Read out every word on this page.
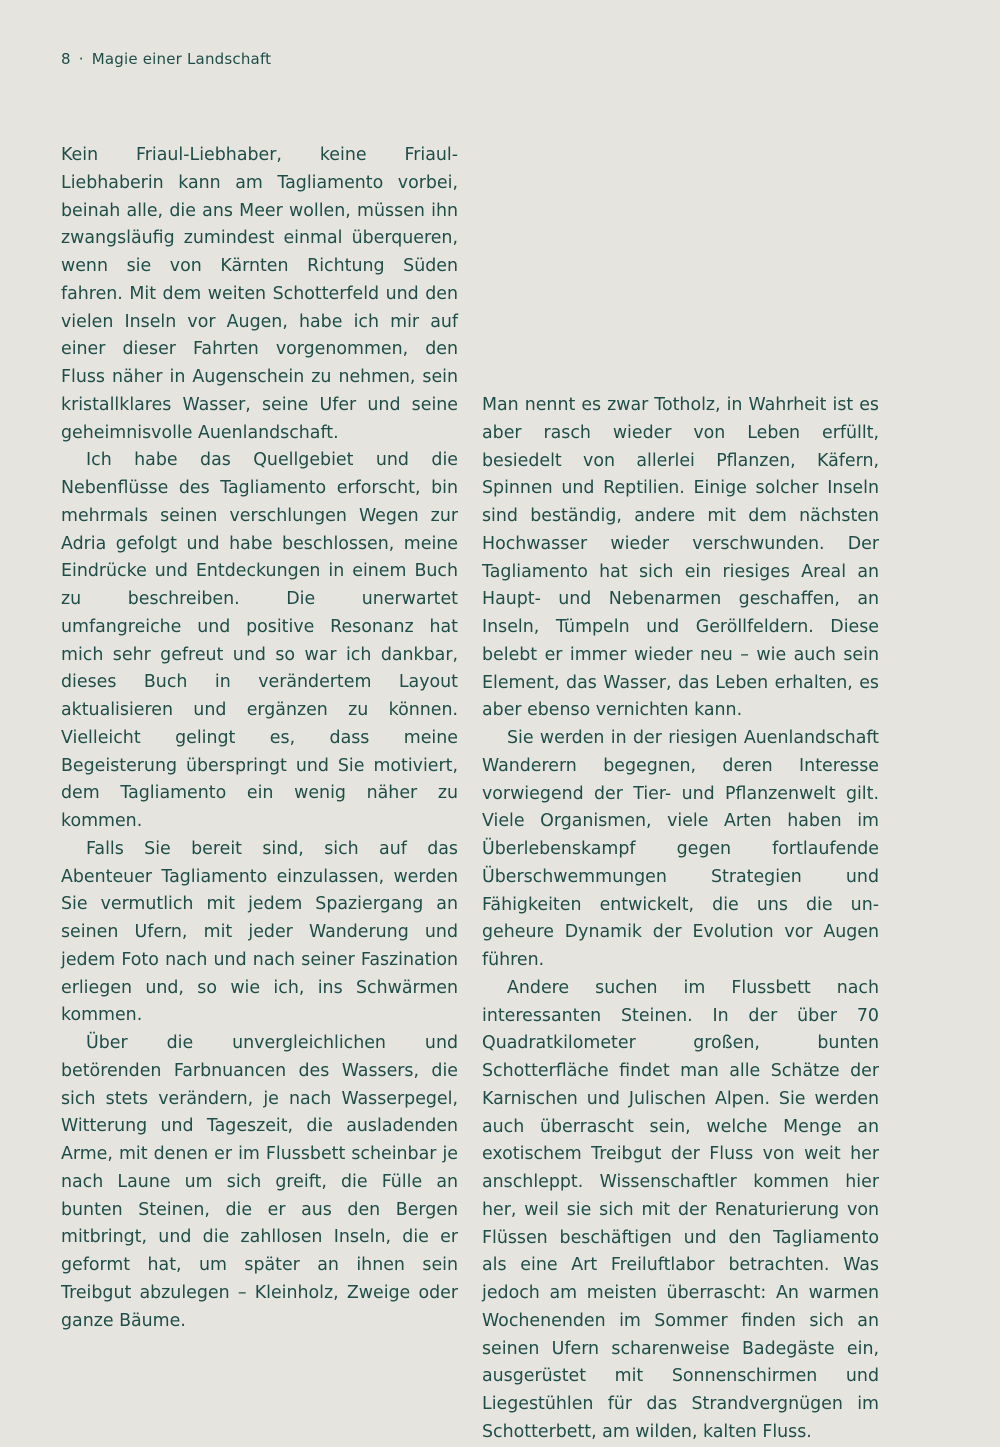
8 · Magie einer Landschaft

Kein Friaul-Liebhaber, keine Friaul-Liebhaberin kann am Tagliamento vorbei, beinah alle, die ans Meer wollen, müssen ihn zwangsläufig zumindest einmal überqueren, wenn sie von Kärnten Richtung Süden fahren. Mit dem weiten Schotterfeld und den vielen Inseln vor Augen, habe ich mir auf einer dieser Fahrten vorgenommen, den Fluss näher in Augenschein zu nehmen, sein kristallklares Wasser, seine Ufer und seine geheimnisvolle Auenlandschaft.

Ich habe das Quellgebiet und die Nebenflüsse des Tagliamento erforscht, bin mehrmals seinen verschlungen Wegen zur Adria gefolgt und habe beschlossen, meine Eindrücke und Entdeckungen in einem Buch zu beschreiben. Die unerwartet umfangreiche und positive Resonanz hat mich sehr gefreut und so war ich dankbar, dieses Buch in verändertem Layout aktualisieren und ergänzen zu können. Vielleicht gelingt es, dass meine Begeisterung überspringt und Sie motiviert, dem Tagliamento ein wenig näher zu kommen.

Falls Sie bereit sind, sich auf das Abenteuer Tagliamento einzulassen, werden Sie vermutlich mit jedem Spaziergang an seinen Ufern, mit jeder Wanderung und jedem Foto nach und nach seiner Faszination erliegen und, so wie ich, ins Schwärmen kommen.

Über die unvergleichlichen und betörenden Farbnuancen des Wassers, die sich stets verändern, je nach Wasserpegel, Witterung und Tageszeit, die ausladenden Arme, mit denen er im Flussbett scheinbar je nach Laune um sich greift, die Fülle an bunten Steinen, die er aus den Bergen mitbringt, und die zahllosen Inseln, die er geformt hat, um später an ihnen sein Treibgut abzulegen – Kleinholz, Zweige oder ganze Bäume.

Man nennt es zwar Totholz, in Wahrheit ist es aber rasch wieder von Leben erfüllt, besiedelt von allerlei Pflanzen, Käfern, Spinnen und Reptilien. Einige solcher Inseln sind beständig, andere mit dem nächsten Hochwasser wieder verschwunden. Der Tagliamento hat sich ein riesiges Areal an Haupt- und Nebenarmen geschaffen, an Inseln, Tümpeln und Geröllfeldern. Diese belebt er immer wieder neu – wie auch sein Element, das Wasser, das Leben erhalten, es aber ebenso vernichten kann.

Sie werden in der riesigen Auenlandschaft Wanderern begegnen, deren Interesse vorwiegend der Tier- und Pflanzenwelt gilt. Viele Organismen, viele Arten haben im Überlebenskampf gegen fortlaufende Überschwemmungen Strategien und Fähigkeiten entwickelt, die uns die ungeheure Dynamik der Evolution vor Augen führen.

Andere suchen im Flussbett nach interessanten Steinen. In der über 70 Quadratkilometer großen, bunten Schotterfläche findet man alle Schätze der Karnischen und Julischen Alpen. Sie werden auch überrascht sein, welche Menge an exotischem Treibgut der Fluss von weit her anschleppt. Wissenschaftler kommen hier her, weil sie sich mit der Renaturierung von Flüssen beschäftigen und den Tagliamento als eine Art Freiluftlabor betrachten. Was jedoch am meisten überrascht: An warmen Wochenenden im Sommer finden sich an seinen Ufern scharenweise Badegäste ein, ausgerüstet mit Sonnenschirmen und Liegestühlen für das Strandvergnügen im Schotterbett, am wilden, kalten Fluss.
